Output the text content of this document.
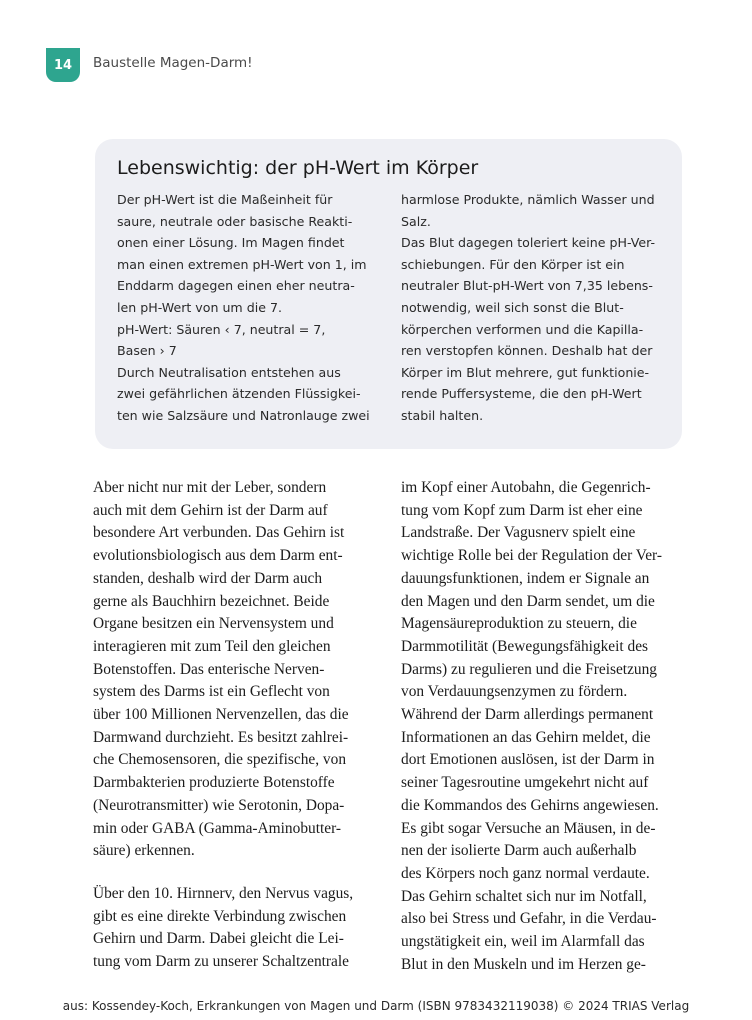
14 Baustelle Magen-Darm!
Lebenswichtig: der pH-Wert im Körper
Der pH-Wert ist die Maßeinheit für
saure, neutrale oder basische Reakti-
onen einer Lösung. Im Magen findet
man einen extremen pH-Wert von 1, im
Enddarm dagegen einen eher neutra-
len pH-Wert von um die 7.
pH-Wert: Säuren ‹ 7, neutral = 7,
Basen › 7
Durch Neutralisation entstehen aus
zwei gefährlichen ätzenden Flüssigkei-
ten wie Salzsäure und Natronlauge zwei
harmlose Produkte, nämlich Wasser und
Salz.
Das Blut dagegen toleriert keine pH-Ver-
schiebungen. Für den Körper ist ein
neutraler Blut-pH-Wert von 7,35 lebens-
notwendig, weil sich sonst die Blut-
körperchen verformen und die Kapilla-
ren verstopfen können. Deshalb hat der
Körper im Blut mehrere, gut funktionie-
rende Puffersysteme, die den pH-Wert
stabil halten.
Aber nicht nur mit der Leber, sondern
auch mit dem Gehirn ist der Darm auf
besondere Art verbunden. Das Gehirn ist
evolutionsbiologisch aus dem Darm ent-
standen, deshalb wird der Darm auch
gerne als Bauchhirn bezeichnet. Beide
Organe besitzen ein Nervensystem und
interagieren mit zum Teil den gleichen
Botenstoffen. Das enterische Nerven-
system des Darms ist ein Geflecht von
über 100 Millionen Nervenzellen, das die
Darmwand durchzieht. Es besitzt zahlrei-
che Chemosensoren, die spezifische, von
Darmbakterien produzierte Botenstoffe
(Neurotransmitter) wie Serotonin, Dopa-
min oder GABA (Gamma-Aminobutter-
säure) erkennen.
Über den 10. Hirnnerv, den Nervus vagus,
gibt es eine direkte Verbindung zwischen
Gehirn und Darm. Dabei gleicht die Lei-
tung vom Darm zu unserer Schaltzentrale
im Kopf einer Autobahn, die Gegenrich-
tung vom Kopf zum Darm ist eher eine
Landstraße. Der Vagusnerv spielt eine
wichtige Rolle bei der Regulation der Ver-
dauungsfunktionen, indem er Signale an
den Magen und den Darm sendet, um die
Magensäureproduktion zu steuern, die
Darmmotilität (Bewegungsfähigkeit des
Darms) zu regulieren und die Freisetzung
von Verdauungsenzymen zu fördern.
Während der Darm allerdings permanent
Informationen an das Gehirn meldet, die
dort Emotionen auslösen, ist der Darm in
seiner Tagesroutine umgekehrt nicht auf
die Kommandos des Gehirns angewiesen.
Es gibt sogar Versuche an Mäusen, in de-
nen der isolierte Darm auch außerhalb
des Körpers noch ganz normal verdaute.
Das Gehirn schaltet sich nur im Notfall,
also bei Stress und Gefahr, in die Verdau-
ungstätigkeit ein, weil im Alarmfall das
Blut in den Muskeln und im Herzen ge-
aus: Kossendey-Koch, Erkrankungen von Magen und Darm (ISBN 9783432119038) © 2024 TRIAS Verlag
